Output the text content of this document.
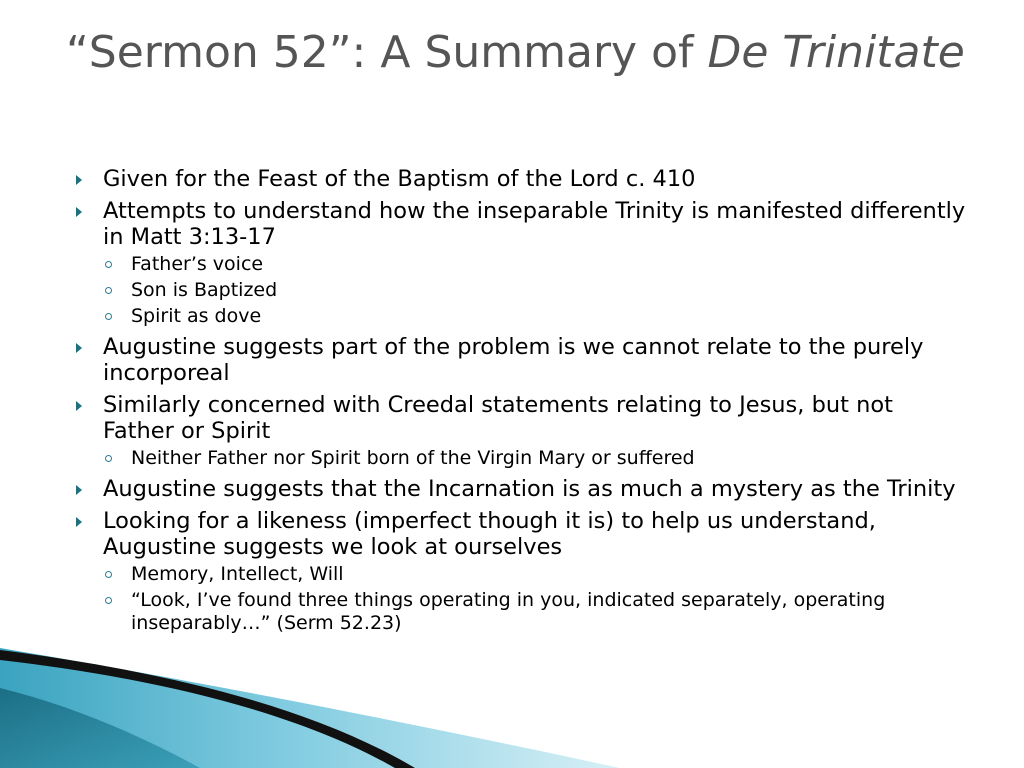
“Sermon 52”: A Summary of De Trinitate
Given for the Feast of the Baptism of the Lord c. 410
Attempts to understand how the inseparable Trinity is manifested differently in Matt 3:13-17
Father’s voice
Son is Baptized
Spirit as dove
Augustine suggests part of the problem is we cannot relate to the purely incorporeal
Similarly concerned with Creedal statements relating to Jesus, but not Father or Spirit
Neither Father nor Spirit born of the Virgin Mary or suffered
Augustine suggests that the Incarnation is as much a mystery as the Trinity
Looking for a likeness (imperfect though it is) to help us understand, Augustine suggests we look at ourselves
Memory, Intellect, Will
“Look, I’ve found three things operating in you, indicated separately, operating inseparably…” (Serm 52.23)
